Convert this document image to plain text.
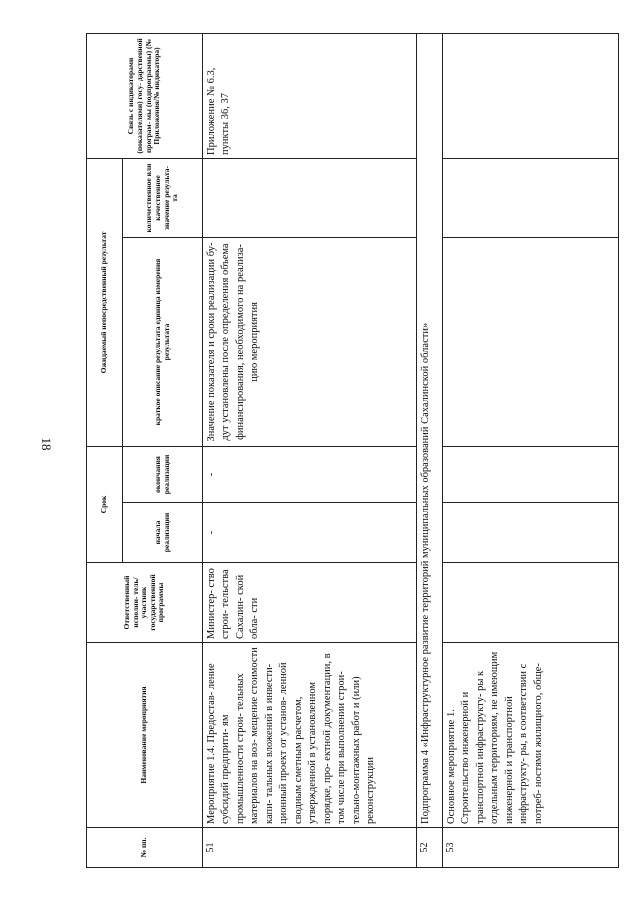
18
№ пп.	Наименование мероприятия	Ответственный исполни- тель/участник государственной программы	Срок		Ожидаемый непосредственный результат		Связь с индикаторами (показателями) госу- дарственной програм- мы (подпрограммы) (№ Приложения/№ индикатора)
			начала реализации	окончания реализации	краткое описание результата единица измерения результата	количественное или качественное значение результа- та	
51	Мероприятие 1.4. Предостав- ление субсидий предприти- ям промышленности строи- тельных материалов на воз- мещение стоимости капи- тальных вложений в инвести- ционный проект от установ- ленной сводным сметным расчетом, утвержденной в установленном порядке, про- ектной документации, в том числе при выполнении строи- тельно-монтажных работ и (или) реконструкции	Министер- ство строи- тельства Сахалин- ской обла- сти	-	-	Значение показателя и сроки реализации бу- дут установлены после определения объема финансирования, необходимого на реализа- цию мероприятия		Приложение № 6.3, пункты 36, 37
52	Подпрограмма 4 «Инфраструктурное развитие территорий муниципальных образований Сахалинской области»						
53	Основное мероприятие 1. Строительство инженерной и транспортной инфраструкту- ры к отдельным территориям, не имеющим инженерной и транспортной инфраструкту- ры, в соответствии с потреб- ностями жилищного, обще-						
